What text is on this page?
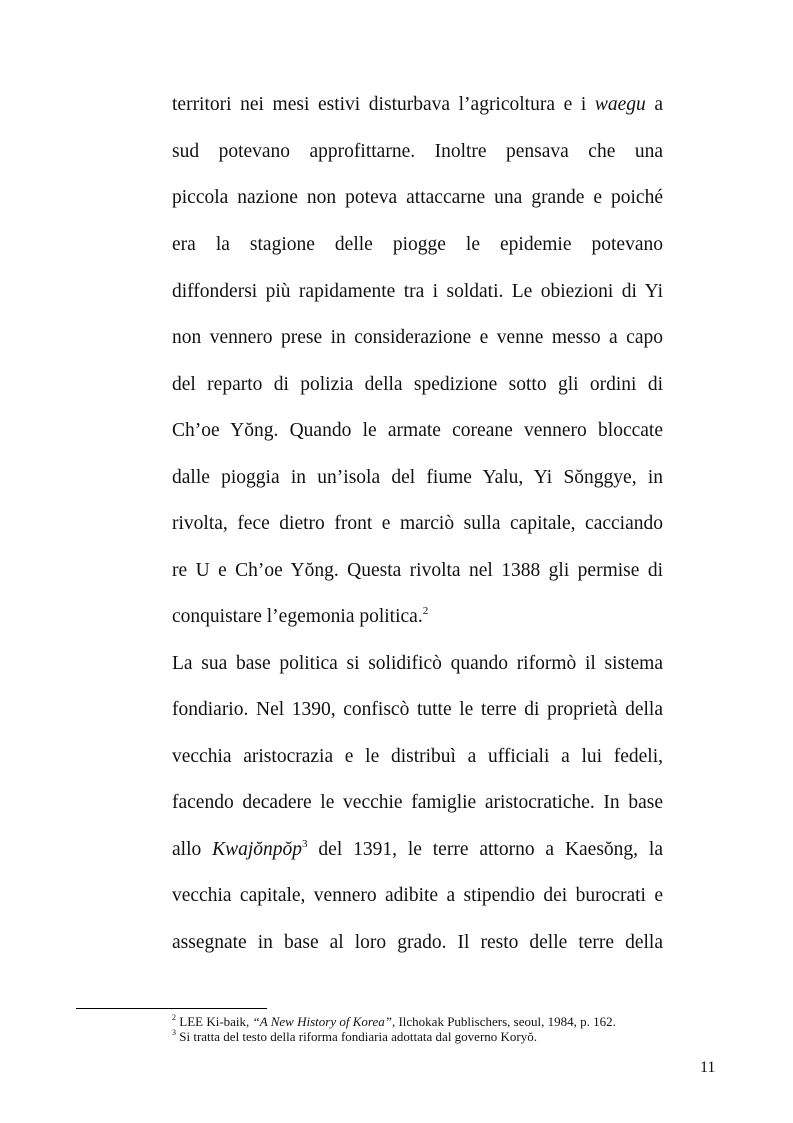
territori nei mesi estivi disturbava l’agricoltura e i waegu a
sud potevano approfittarne. Inoltre pensava che una
piccola nazione non poteva attaccarne una grande e poiché
era la stagione delle piogge le epidemie potevano
diffondersi più rapidamente tra i soldati. Le obiezioni di Yi
non vennero prese in considerazione e venne messo a capo
del reparto di polizia della spedizione sotto gli ordini di
Ch’oe Yŏng. Quando le armate coreane vennero bloccate
dalle pioggia in un’isola del fiume Yalu, Yi Sŏnggye, in
rivolta, fece dietro front e marciò sulla capitale, cacciando
re U e Ch’oe Yŏng. Questa rivolta nel 1388 gli permise di
conquistare l’egemonia politica.$^2$
La sua base politica si solidificò quando riformò il sistema
fondiario. Nel 1390, confiscò tutte le terre di proprietà della
vecchia aristocrazia e le distribuì a ufficiali a lui fedeli,
facendo decadere le vecchie famiglie aristocratiche. In base
allo Kwajŏnpŏp$^3$ del 1391, le terre attorno a Kaesŏng, la
vecchia capitale, vennero adibite a stipendio dei burocrati e
assegnate in base al loro grado. Il resto delle terre della
$^2$ LEE Ki-baik, “A New History of Korea”, Ilchokak Publischers, seoul, 1984, p. 162.
$^3$ Si tratta del testo della riforma fondiaria adottata dal governo Koryŏ.
11
